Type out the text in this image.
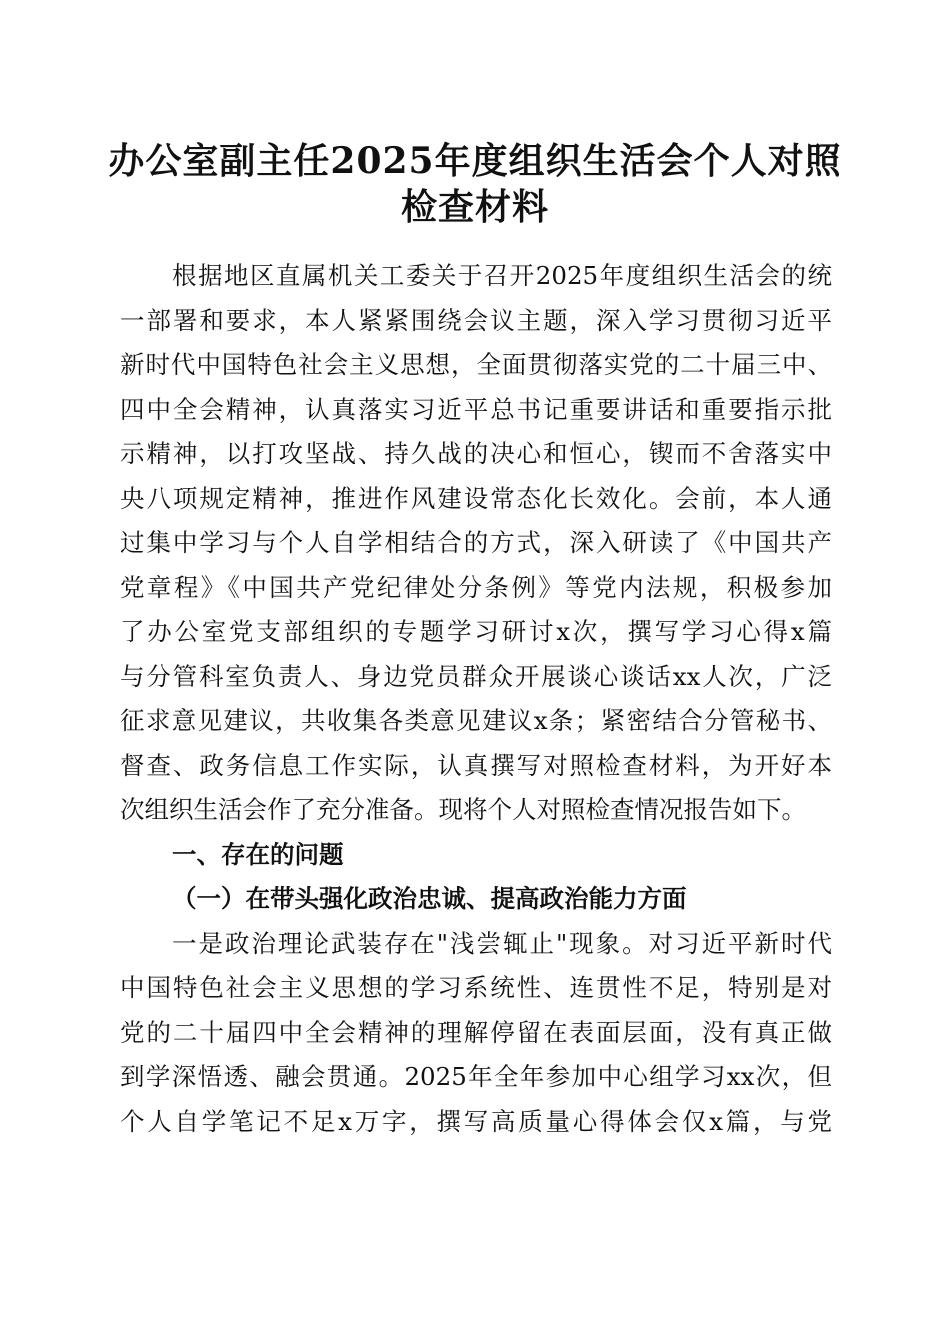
办公室副主任2025年度组织生活会个人对照
检查材料
根据地区直属机关工委关于召开2025年度组织生活会的统
一部署和要求，本人紧紧围绕会议主题，深入学习贯彻习近平
新时代中国特色社会主义思想，全面贯彻落实党的二十届三中、
四中全会精神，认真落实习近平总书记重要讲话和重要指示批
示精神，以打攻坚战、持久战的决心和恒心，锲而不舍落实中
央八项规定精神，推进作风建设常态化长效化。会前，本人通
过集中学习与个人自学相结合的方式，深入研读了《中国共产
党章程》《中国共产党纪律处分条例》等党内法规，积极参加
了办公室党支部组织的专题学习研讨x次，撰写学习心得x篇
与分管科室负责人、身边党员群众开展谈心谈话xx人次，广泛
征求意见建议，共收集各类意见建议x条；紧密结合分管秘书、
督查、政务信息工作实际，认真撰写对照检查材料，为开好本
次组织生活会作了充分准备。现将个人对照检查情况报告如下。
一、存在的问题
（一）在带头强化政治忠诚、提高政治能力方面
一是政治理论武装存在"浅尝辄止"现象。对习近平新时代
中国特色社会主义思想的学习系统性、连贯性不足，特别是对
党的二十届四中全会精神的理解停留在表面层面，没有真正做
到学深悟透、融会贯通。2025年全年参加中心组学习xx次，但
个人自学笔记不足x万字，撰写高质量心得体会仅x篇，与党
